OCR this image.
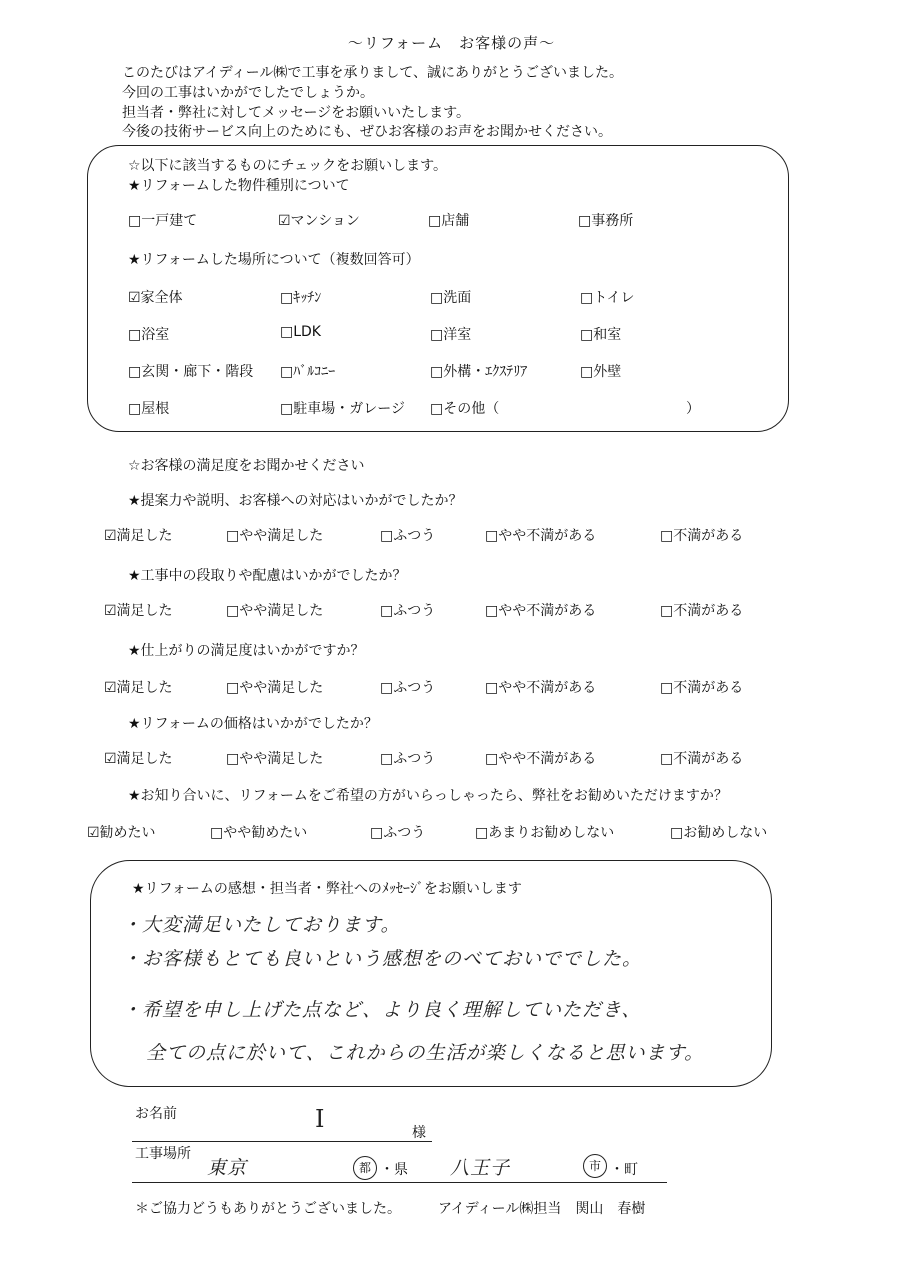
～リフォーム　お客様の声～
このたびはアイディール㈱で工事を承りまして、誠にありがとうございました。
今回の工事はいかがでしたでしょうか。
担当者・弊社に対してメッセージをお願いいたします。
今後の技術サービス向上のためにも、ぜひお客様のお声をお聞かせください。
☆以下に該当するものにチェックをお願いします。
★リフォームした物件種別について
□一戸建て	☑マンション	□店舗	□事務所
★リフォームした場所について（複数回答可）
☑家全体	□ｷｯﾁﾝ	□洗面	□トイレ
□浴室	□LDK	□洋室	□和室
□玄関・廊下・階段 □ﾊﾞﾙｺﾆｰ	□外構・ｴｸｽﾃﾘｱ	□外壁
□屋根	□駐車場・ガレージ □その他（	）
☆お客様の満足度をお聞かせください
★提案力や説明、お客様への対応はいかがでしたか？
☑満足した	□やや満足した	□ふつう	□やや不満がある	□不満がある
★工事中の段取りや配慮はいかがでしたか？
☑満足した	□やや満足した	□ふつう	□やや不満がある	□不満がある
★仕上がりの満足度はいかがですか？
☑満足した	□やや満足した	□ふつう	□やや不満がある	□不満がある
★リフォームの価格はいかがでしたか？
☑満足した	□やや満足した	□ふつう	□やや不満がある	□不満がある
★お知り合いに、リフォームをご希望の方がいらっしゃったら、弊社をお勧めいただけますか？
☑勧めたい	□やや勧めたい	□ふつう	□あまりお勧めしない	□お勧めしない
★リフォームの感想・担当者・弊社へのﾒｯｾｰｼﾞをお願いします
・大変満足いたしております。
・お客様もとても良いという感想をのべておいででした。
・希望を申し上げた点など、より良く理解していただき、
全ての点に於いて、これからの生活が楽しくなると思います。
お名前	I	様
工事場所
東京	都 ・県 八王子	市 ・町
＊ご協力どうもありがとうございました。	アイディール㈱担当　関山　春樹
